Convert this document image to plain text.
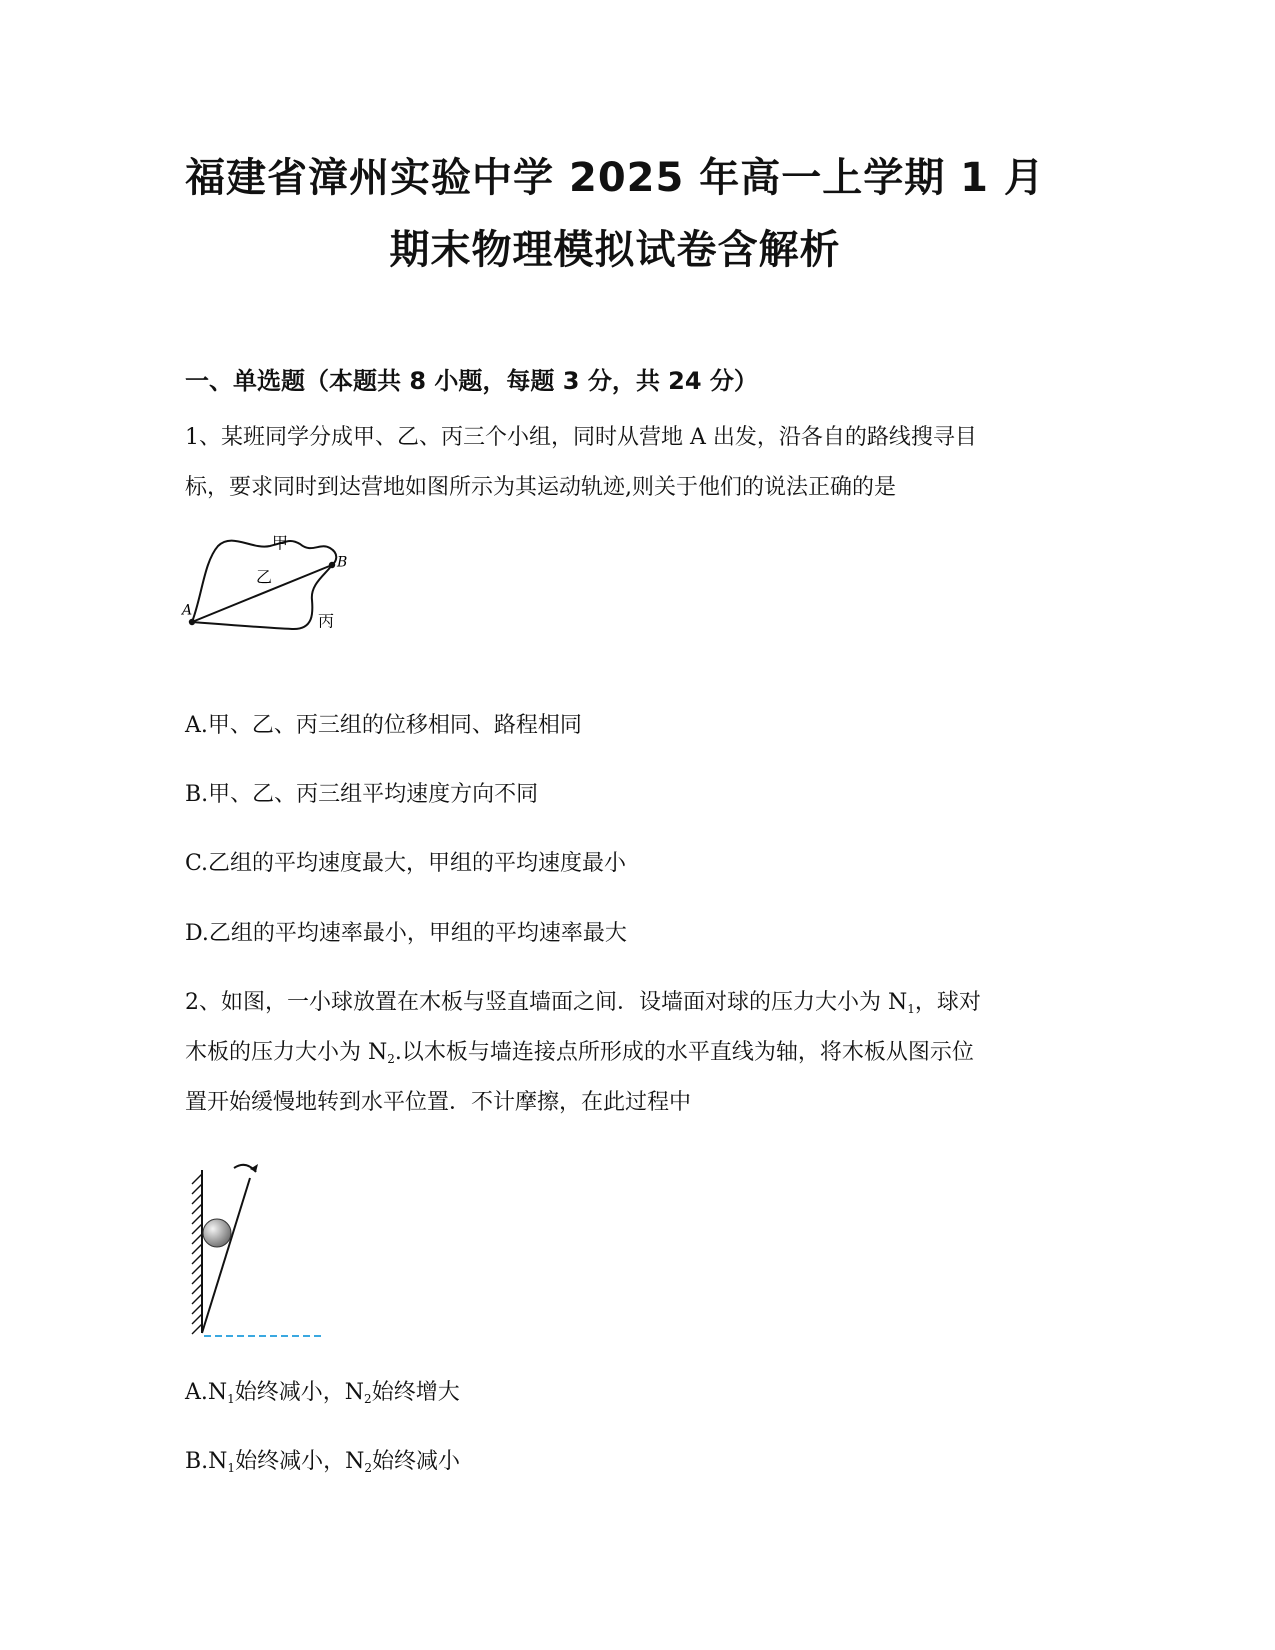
福建省漳州实验中学 2025 年高一上学期 1 月
期末物理模拟试卷含解析
一、单选题（本题共 8 小题，每题 3 分，共 24 分）

1、某班同学分成甲、乙、丙三个小组，同时从营地 A 出发，沿各自的路线搜寻目

标，要求同时到达营地如图所示为其运动轨迹,则关于他们的说法正确的是

甲
乙
丙
A
B

A.甲、乙、丙三组的位移相同、路程相同

B.甲、乙、丙三组平均速度方向不同

C.乙组的平均速度最大，甲组的平均速度最小

D.乙组的平均速率最小，甲组的平均速率最大

2、如图，一小球放置在木板与竖直墙面之间．设墙面对球的压力大小为 $N_1$，球对

木板的压力大小为 $N_2$.以木板与墙连接点所形成的水平直线为轴，将木板从图示位

置开始缓慢地转到水平位置．不计摩擦，在此过程中

$A.N_1$始终减小，$N_2$始终增大

$B.N_1$始终减小，$N_2$始终减小
